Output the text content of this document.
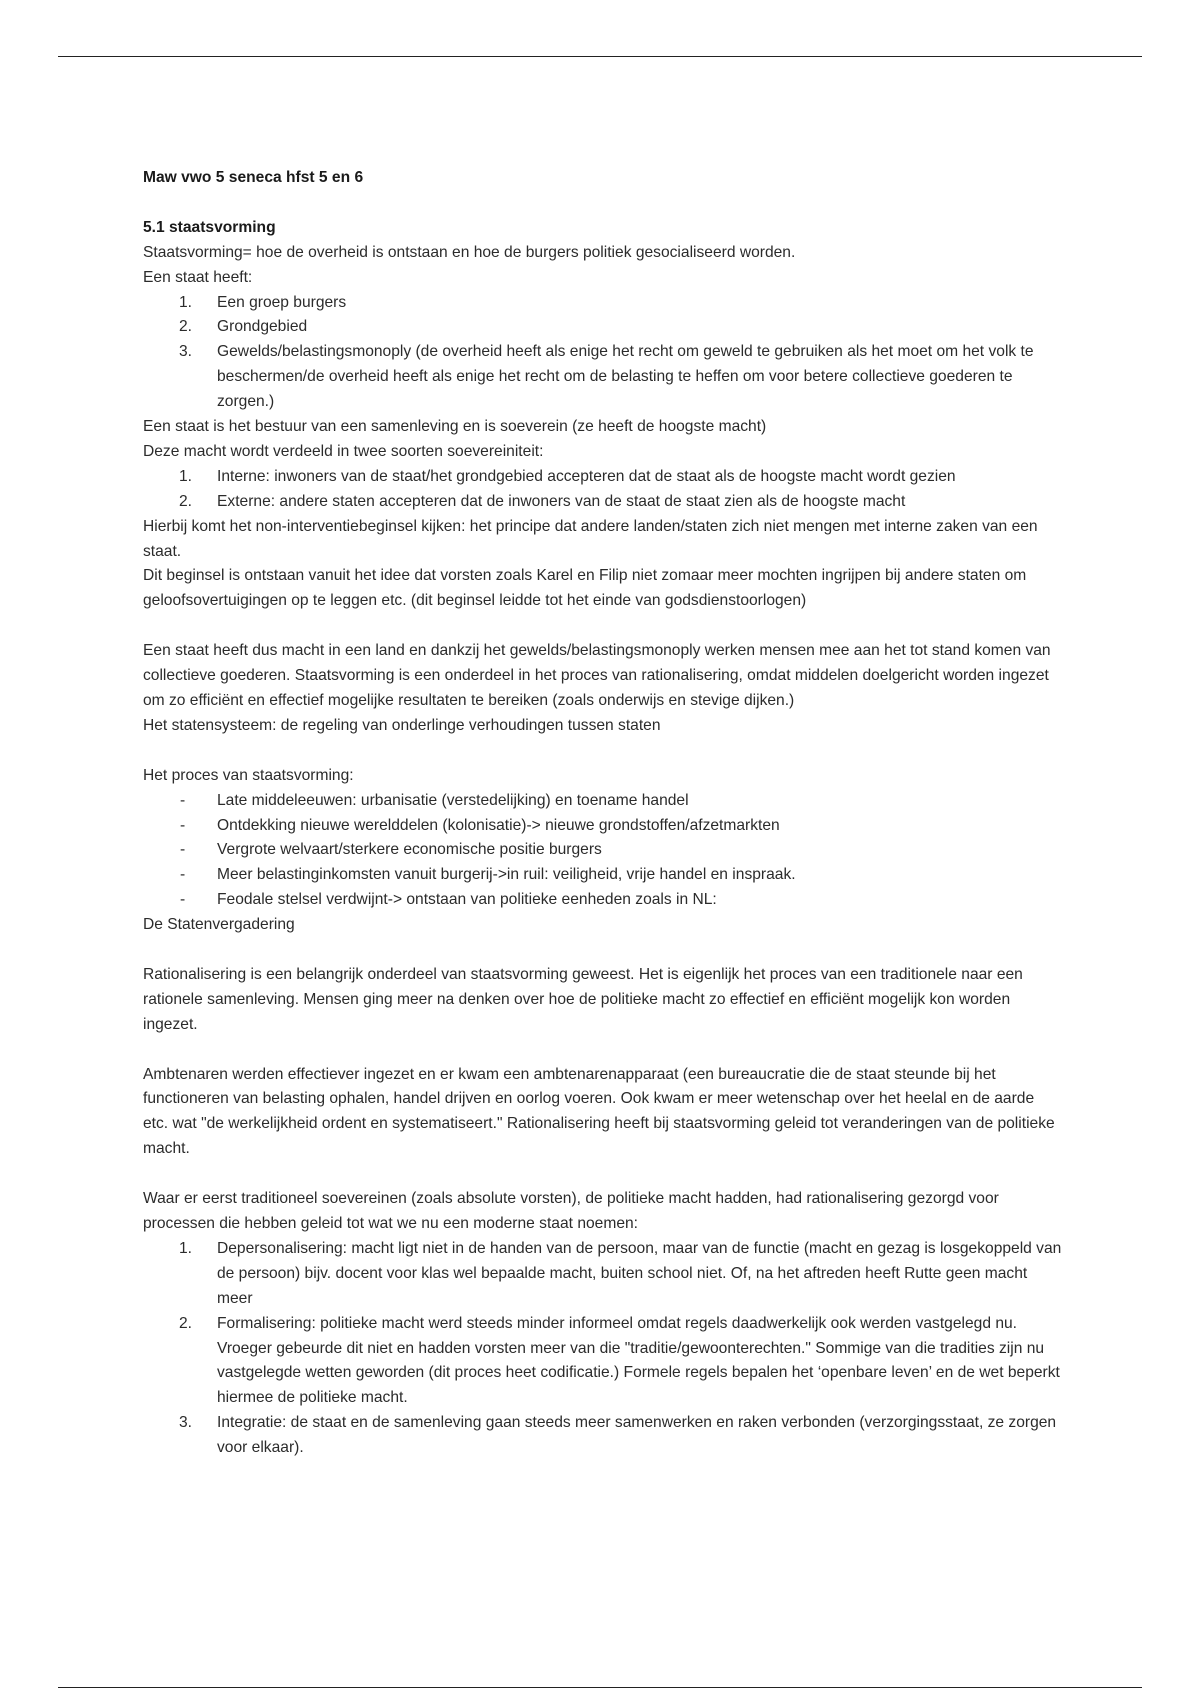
Maw vwo 5 seneca hfst 5 en 6

5.1 staatsvorming

Staatsvorming= hoe de overheid is ontstaan en hoe de burgers politiek gesocialiseerd worden.

Een staat heeft:

1.	Een groep burgers
2.	Grondgebied
3.	Gewelds/belastingsmonoply (de overheid heeft als enige het recht om geweld te gebruiken als het moet om het volk te beschermen/de overheid heeft als enige het recht om de belasting te heffen om voor betere collectieve goederen te zorgen.)

Een staat is het bestuur van een samenleving en is soeverein (ze heeft de hoogste macht)

Deze macht wordt verdeeld in twee soorten soevereiniteit:

1.	Interne: inwoners van de staat/het grondgebied accepteren dat de staat als de hoogste macht wordt gezien
2.	Externe: andere staten accepteren dat de inwoners van de staat de staat zien als de hoogste macht

Hierbij komt het non-interventiebeginsel kijken: het principe dat andere landen/staten zich niet mengen met interne zaken van een staat.

Dit beginsel is ontstaan vanuit het idee dat vorsten zoals Karel en Filip niet zomaar meer mochten ingrijpen bij andere staten om geloofsovertuigingen op te leggen etc. (dit beginsel leidde tot het einde van godsdienstoorlogen)

Een staat heeft dus macht in een land en dankzij het gewelds/belastingsmonoply werken mensen mee aan het tot stand komen van collectieve goederen. Staatsvorming is een onderdeel in het proces van rationalisering, omdat middelen doelgericht worden ingezet om zo efficiënt en effectief mogelijke resultaten te bereiken (zoals onderwijs en stevige dijken.)

Het statensysteem: de regeling van onderlinge verhoudingen tussen staten

Het proces van staatsvorming:

-	Late middeleeuwen: urbanisatie (verstedelijking) en toename handel
-	Ontdekking nieuwe werelddelen (kolonisatie)-> nieuwe grondstoffen/afzetmarkten
-	Vergrote welvaart/sterkere economische positie burgers
-	Meer belastinginkomsten vanuit burgerij->in ruil: veiligheid, vrije handel en inspraak.
-	Feodale stelsel verdwijnt-> ontstaan van politieke eenheden zoals in NL:

De Statenvergadering

Rationalisering is een belangrijk onderdeel van staatsvorming geweest. Het is eigenlijk het proces van een traditionele naar een rationele samenleving. Mensen ging meer na denken over hoe de politieke macht zo effectief en efficiënt mogelijk kon worden ingezet.

Ambtenaren werden effectiever ingezet en er kwam een ambtenarenapparaat (een bureaucratie die de staat steunde bij het functioneren van belasting ophalen, handel drijven en oorlog voeren. Ook kwam er meer wetenschap over het heelal en de aarde etc. wat "de werkelijkheid ordent en systematiseert." Rationalisering heeft bij staatsvorming geleid tot veranderingen van de politieke macht.

Waar er eerst traditioneel soevereinen (zoals absolute vorsten), de politieke macht hadden, had rationalisering gezorgd voor processen die hebben geleid tot wat we nu een moderne staat noemen:

1.	Depersonalisering: macht ligt niet in de handen van de persoon, maar van de functie (macht en gezag is losgekoppeld van de persoon) bijv. docent voor klas wel bepaalde macht, buiten school niet. Of, na het aftreden heeft Rutte geen macht meer
2.	Formalisering: politieke macht werd steeds minder informeel omdat regels daadwerkelijk ook werden vastgelegd nu. Vroeger gebeurde dit niet en hadden vorsten meer van die "traditie/gewoonterechten." Sommige van die tradities zijn nu vastgelegde wetten geworden (dit proces heet codificatie.) Formele regels bepalen het ‘openbare leven’ en de wet beperkt hiermee de politieke macht.
3.	Integratie: de staat en de samenleving gaan steeds meer samenwerken en raken verbonden (verzorgingsstaat, ze zorgen voor elkaar).
